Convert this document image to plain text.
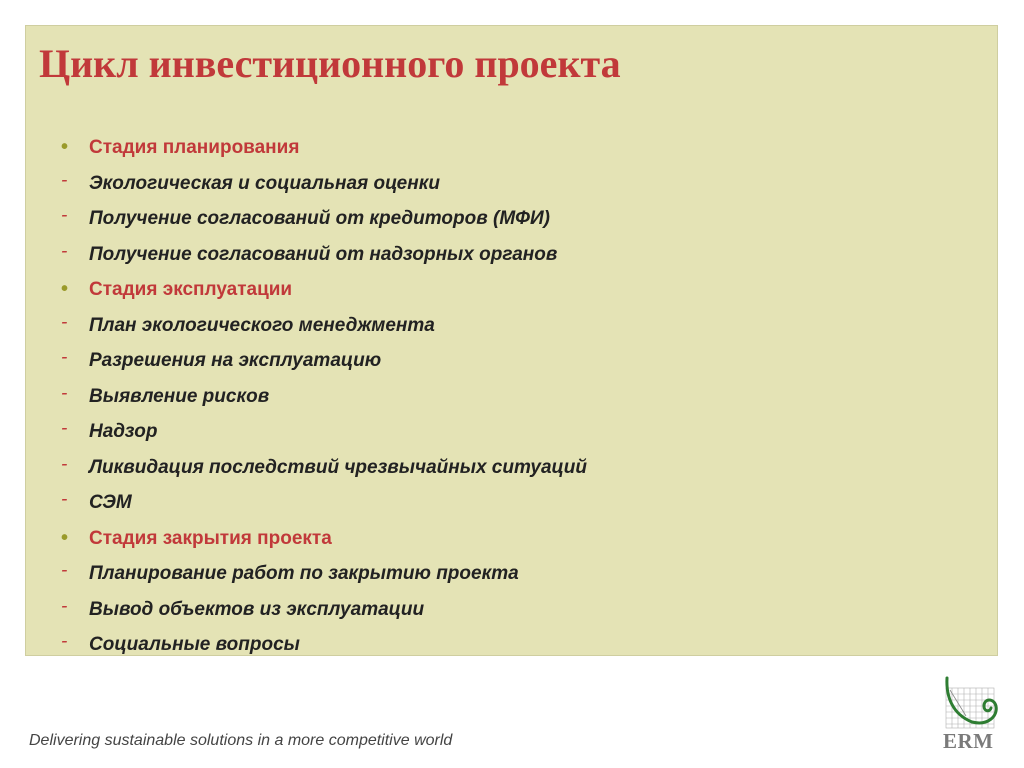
Цикл инвестиционного проекта
• Стадия планирования
- Экологическая и социальная оценки
- Получение согласований от кредиторов (МФИ)
- Получение согласований от надзорных органов
• Стадия эксплуатации
- План экологического менеджмента
- Разрешения на эксплуатацию
- Выявление рисков
- Надзор
- Ликвидация последствий чрезвычайных ситуаций
- СЭМ
• Стадия закрытия проекта
- Планирование работ по закрытию проекта
- Вывод объектов из эксплуатации
- Социальные вопросы
Delivering sustainable solutions in a more competitive world	ERM
